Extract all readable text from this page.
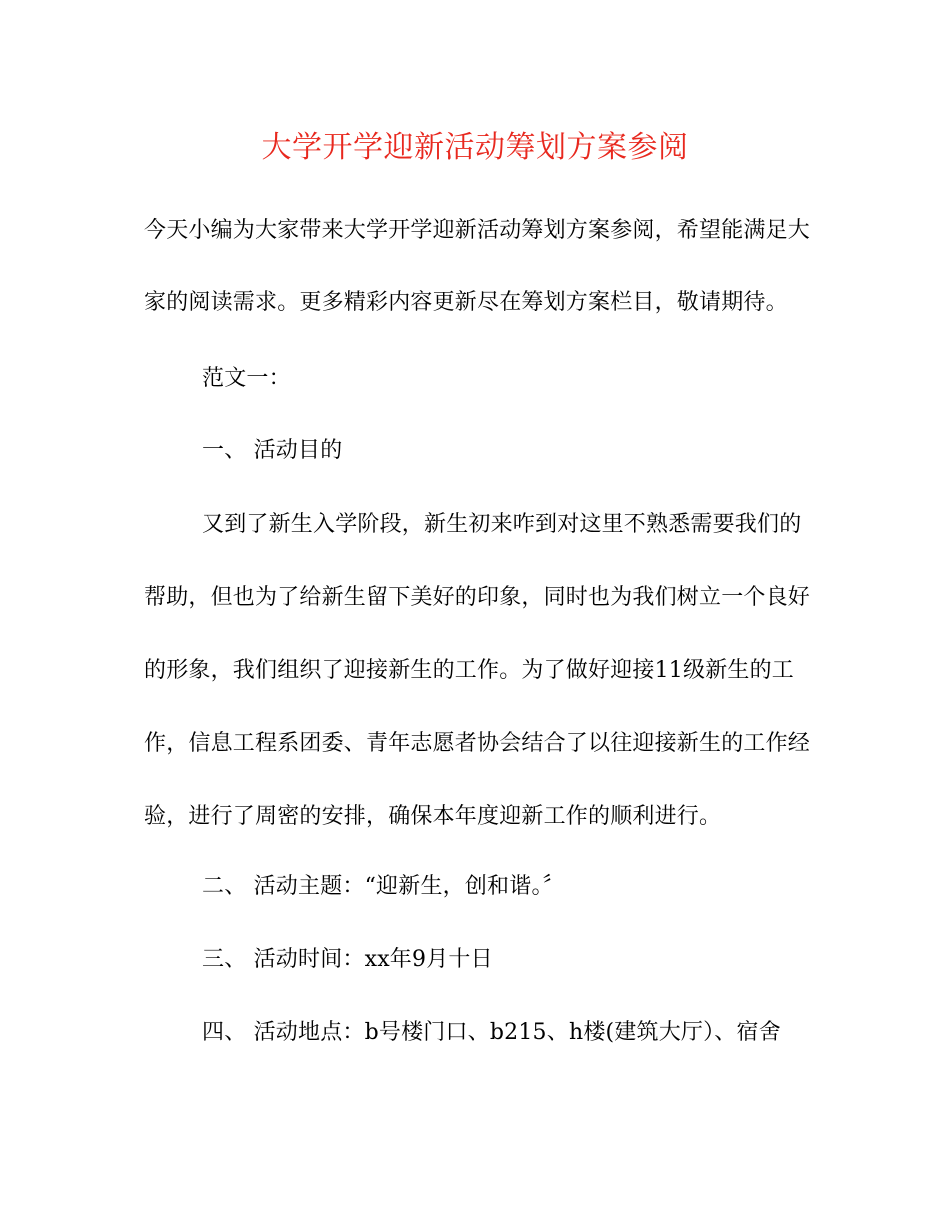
大学开学迎新活动筹划方案参阅
今天小编为大家带来大学开学迎新活动筹划方案参阅，希望能满足大
家的阅读需求。更多精彩内容更新尽在筹划方案栏目，敬请期待。
范文一：
一、 活动目的
又到了新生入学阶段，新生初来咋到对这里不熟悉需要我们的
帮助，但也为了给新生留下美好的印象，同时也为我们树立一个良好
的形象，我们组织了迎接新生的工作。为了做好迎接11级新生的工
作，信息工程系团委、青年志愿者协会结合了以往迎接新生的工作经
验，进行了周密的安排，确保本年度迎新工作的顺利进行。
二、 活动主题：“迎新生，创和谐。〞
三、 活动时间：xx年9月十日
四、 活动地点：b号楼门口、b215、h楼(建筑大厅）、宿舍
